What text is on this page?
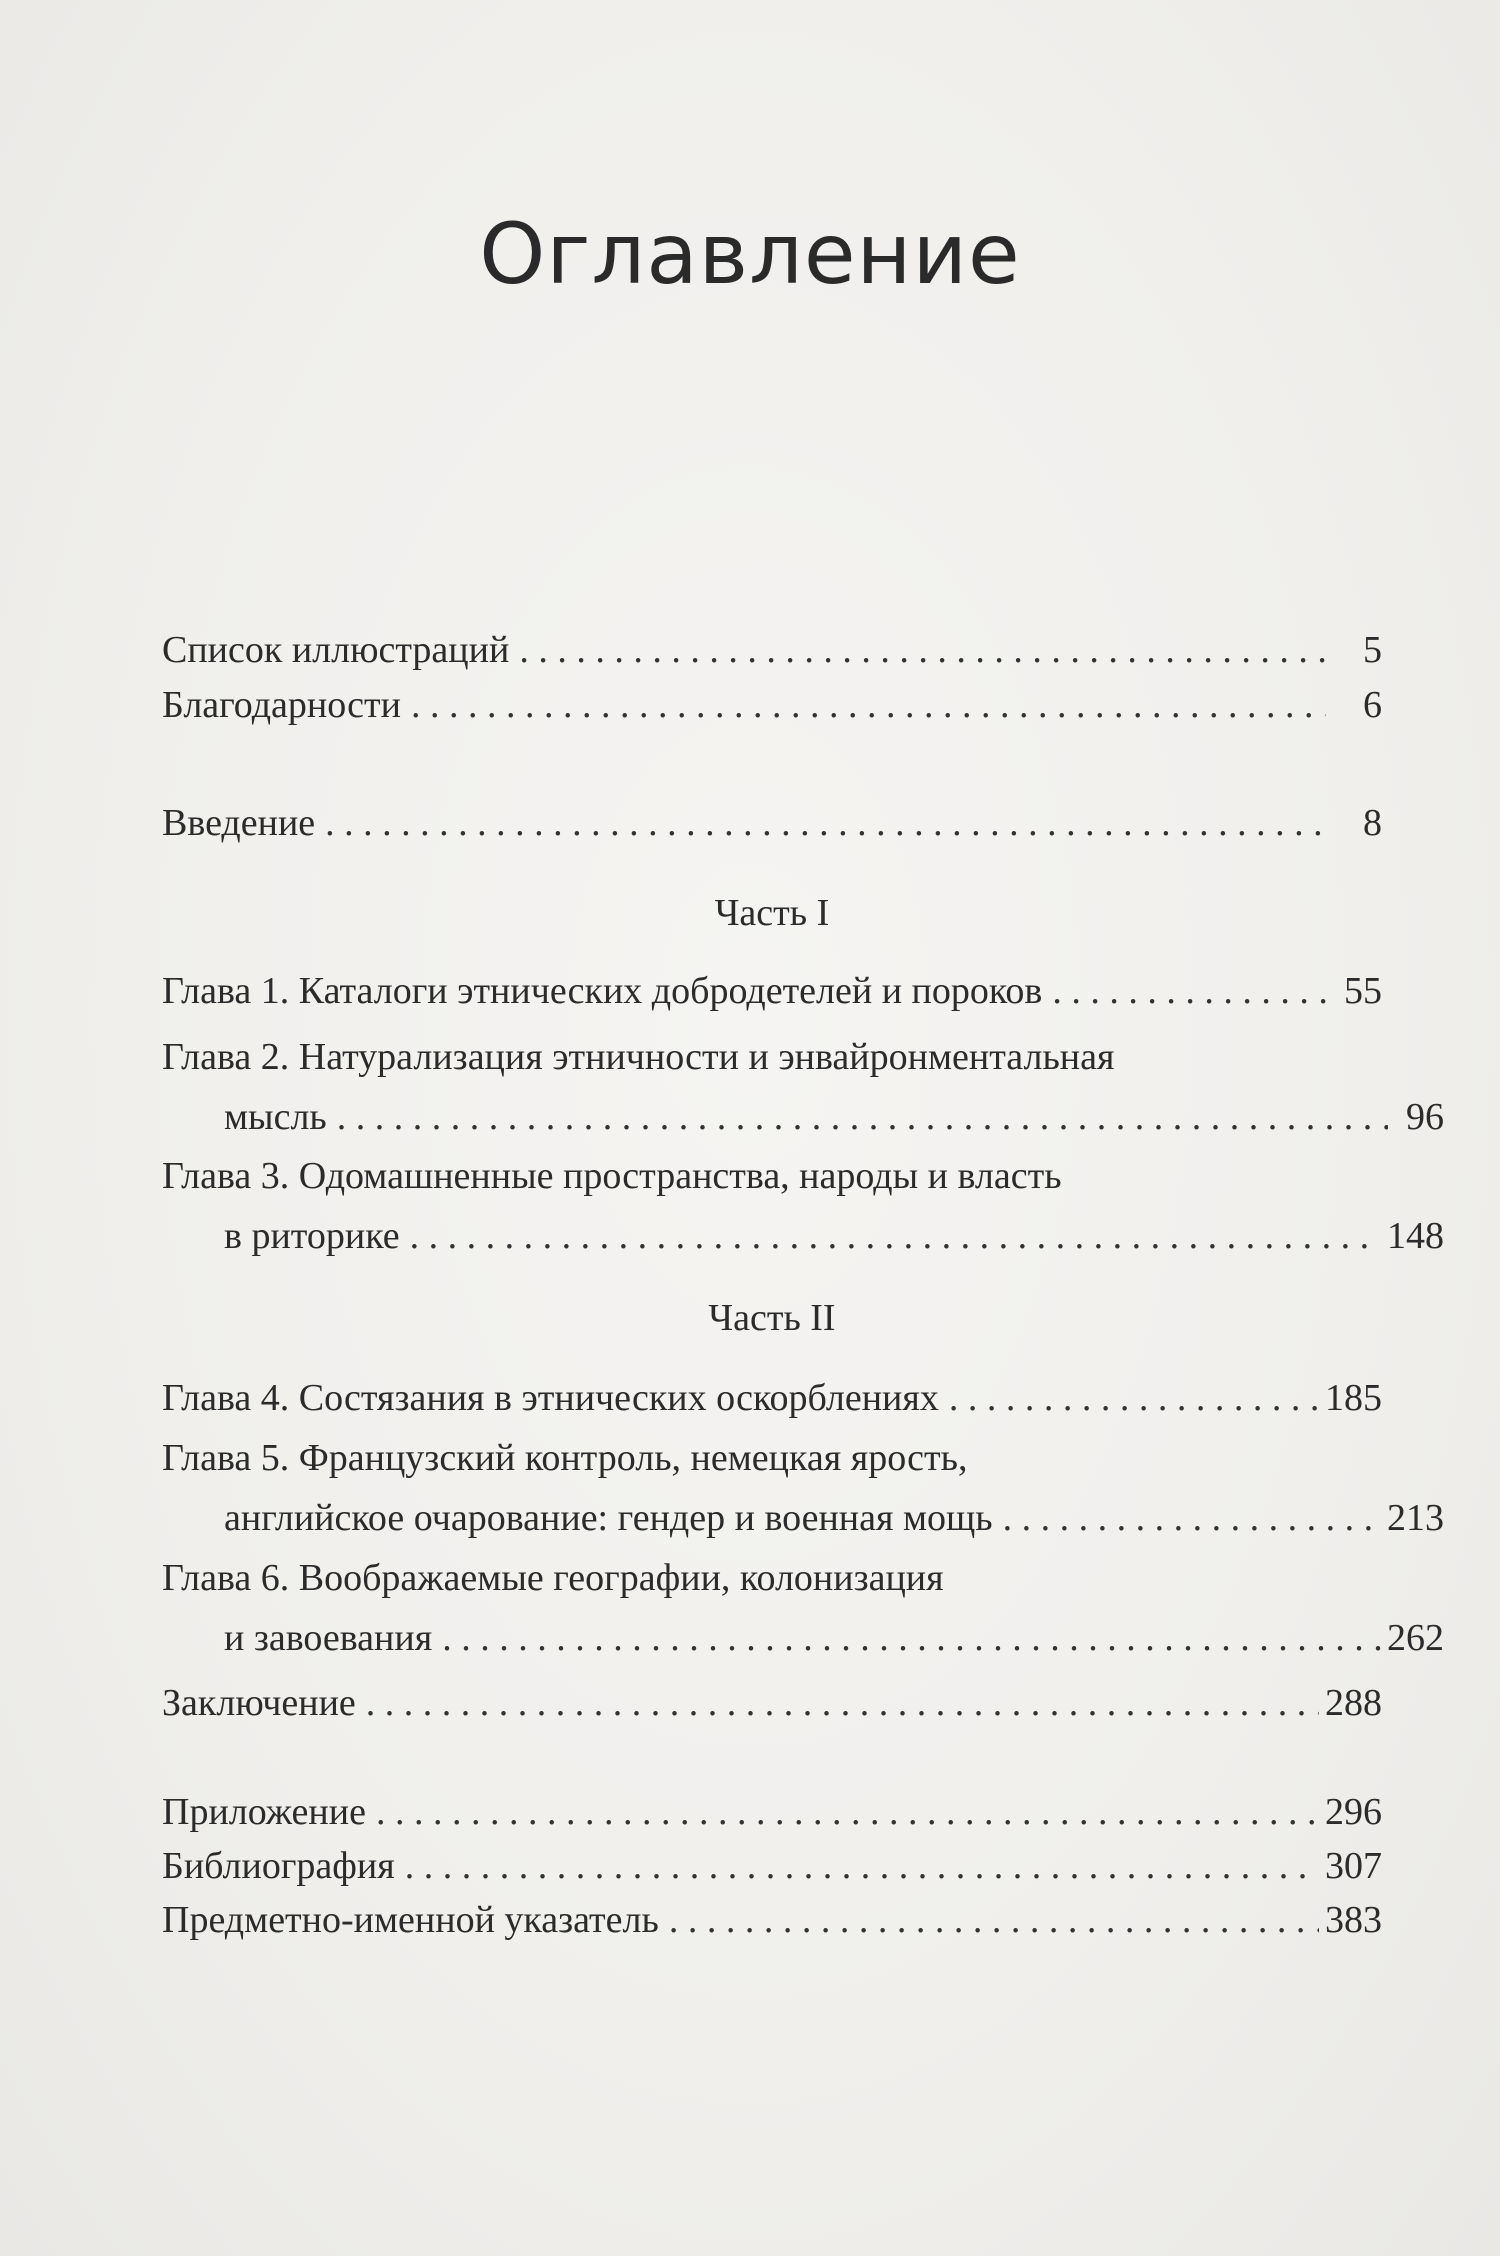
Оглавление
Список иллюстраций . . .	5
Благодарности . . .	6
Введение . . .	8
Часть I
Глава 1. Каталоги этнических добродетелей и пороков . . .	55
Глава 2. Натурализация этничности и энвайронментальная
мысль . . .	96
Глава 3. Одомашненные пространства, народы и власть
в риторике . . .	148
Часть II
Глава 4. Состязания в этнических оскорблениях . . .	185
Глава 5. Французский контроль, немецкая ярость,
английское очарование: гендер и военная мощь . . .	213
Глава 6. Воображаемые географии, колонизация
и завоевания . . .	262
Заключение . . .	288
Приложение . . .	296
Библиография . . .	307
Предметно-именной указатель . . .	383
